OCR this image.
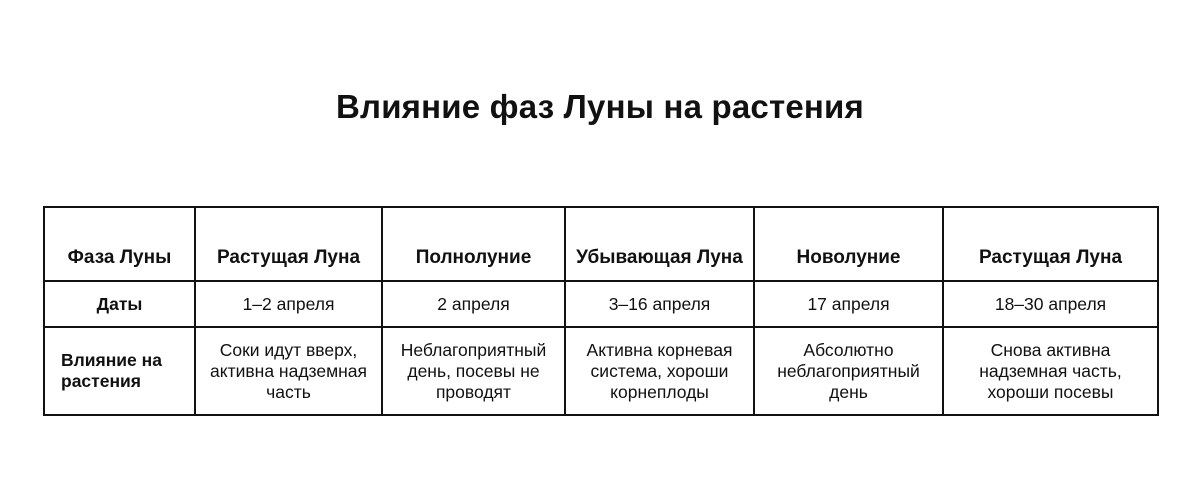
Влияние фаз Луны на растения
Фаза Луны	Растущая Луна	Полнолуние	Убывающая Луна	Новолуние	Растущая Луна
Даты	1–2 апреля	2 апреля	3–16 апреля	17 апреля	18–30 апреля
Влияние на растения	Соки идут вверх, активна надземная часть	Неблагоприятный день, посевы не проводят	Активна корневая система, хороши корнеплоды	Абсолютно неблагоприятный день	Снова активна надземная часть, хороши посевы
